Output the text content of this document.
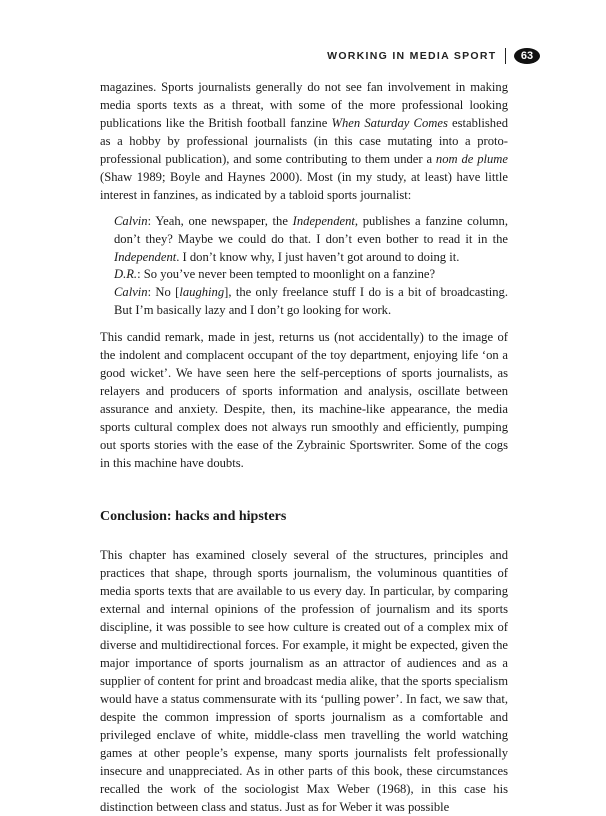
WORKING IN MEDIA SPORT	63

magazines. Sports journalists generally do not see fan involvement in making media sports texts as a threat, with some of the more professional looking publications like the British football fanzine When Saturday Comes established as a hobby by professional journalists (in this case mutating into a proto-professional publication), and some contributing to them under a nom de plume (Shaw 1989; Boyle and Haynes 2000). Most (in my study, at least) have little interest in fanzines, as indicated by a tabloid sports journalist:

Calvin: Yeah, one newspaper, the Independent, publishes a fanzine column, don’t they? Maybe we could do that. I don’t even bother to read it in the Independent. I don’t know why, I just haven’t got around to doing it.

D.R.: So you’ve never been tempted to moonlight on a fanzine?

Calvin: No [laughing], the only freelance stuff I do is a bit of broadcasting. But I’m basically lazy and I don’t go looking for work.

This candid remark, made in jest, returns us (not accidentally) to the image of the indolent and complacent occupant of the toy department, enjoying life ‘on a good wicket’. We have seen here the self-perceptions of sports journalists, as relayers and producers of sports information and analysis, oscillate between assurance and anxiety. Despite, then, its machine-like appearance, the media sports cultural complex does not always run smoothly and efficiently, pumping out sports stories with the ease of the Zybrainic Sportswriter. Some of the cogs in this machine have doubts.

Conclusion: hacks and hipsters

This chapter has examined closely several of the structures, principles and practices that shape, through sports journalism, the voluminous quantities of media sports texts that are available to us every day. In particular, by comparing external and internal opinions of the profession of journalism and its sports discipline, it was possible to see how culture is created out of a complex mix of diverse and multidirectional forces. For example, it might be expected, given the major importance of sports journalism as an attractor of audiences and as a supplier of content for print and broadcast media alike, that the sports specialism would have a status commensurate with its ‘pulling power’. In fact, we saw that, despite the common impression of sports journalism as a comfortable and privileged enclave of white, middle-class men travelling the world watching games at other people’s expense, many sports journalists felt professionally insecure and unappreciated. As in other parts of this book, these circumstances recalled the work of the sociologist Max Weber (1968), in this case his distinction between class and status. Just as for Weber it was possible
